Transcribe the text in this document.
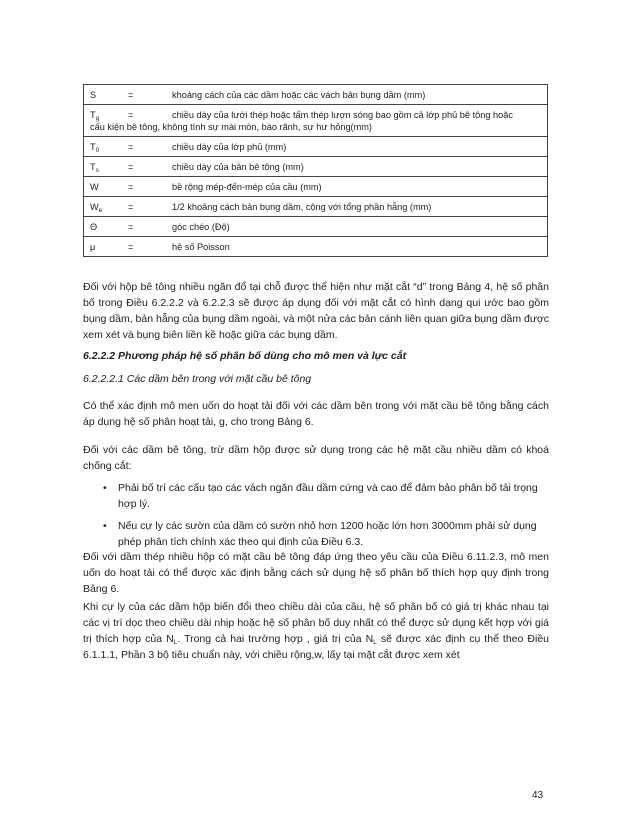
S	=	khoảng cách của các dầm hoặc các vách bản bụng dầm (mm)
$T_g$	=	chiều dày của lưới thép hoặc tấm thép lượn sóng bao gồm cả lớp phủ bê tông hoặc
cấu kiện bê tông, không tính sự mài mòn, bào rãnh, sự hư hỏng(mm)
$T_0$	=	chiều dày của lớp phủ (mm)
$T_s$	=	chiều dày của bản bê tông (mm)
W	=	bề rộng mép-đến-mép của cầu (mm)
$W_e$	=	1/2 khoảng cách bản bụng dầm, cộng với tổng phần hẫng (mm)
Θ	=	góc chéo (Độ)
μ	=	hệ số Poisson

Đối với hộp bê tông nhiều ngăn đổ tại chỗ được thể hiện như mặt cắt “d” trong Bảng 4, hệ số phân bố trong Điều 6.2.2.2 và 6.2.2.3 sẽ được áp dụng đối với mặt cắt có hình dạng qui ước bao gồm bụng dầm, bản hẫng của bụng dầm ngoài, và một nửa các bản cánh liên quan giữa bụng dầm được xem xét và bụng biên liền kề hoặc giữa các bụng dầm.

6.2.2.2 Phương pháp hệ số phân bố dùng cho mô men và lực cắt

6.2.2.2.1 Các dầm bên trong với mặt cầu bê tông

Có thể xác định mô men uốn do hoạt tải đối với các dầm bên trong với mặt cầu bê tông bằng cách áp dụng hệ số phân hoạt tải, g, cho trong Bảng 6.

Đối với các dầm bê tông, trừ dầm hộp được sử dụng trong các hệ mặt cầu nhiều dầm có khoá chống cắt:

• Phải bố trí các cấu tạo các vách ngăn đầu dầm cứng và cao để đảm bảo phân bố tải trọng hợp lý.
• Nếu cự ly các sườn của dầm có sườn nhỏ hơn 1200 hoặc lớn hơn 3000mm phải sử dụng phép phân tích chính xác theo qui định của Điều 6.3.

Đối với dầm thép nhiều hộp có mặt cầu bê tông đáp ứng theo yêu cầu của Điều 6.11.2.3, mô men uốn do hoạt tải có thể được xác định bằng cách sử dụng hệ số phân bố thích hợp quy định trong Bảng 6.

Khi cự ly của các dầm hộp biến đổi theo chiều dài của cầu, hệ số phân bố có giá trị khác nhau tại các vị trí dọc theo chiều dài nhịp hoặc hệ số phân bố duy nhất có thể được sử dụng kết hợp với giá trị thích hợp của $N_L$. Trong cả hai trường hợp , giá trị của $N_L$ sẽ được xác định cụ thể theo Điều 6.1.1.1, Phần 3 bộ tiêu chuẩn này, với chiều rộng,w, lấy tại mặt cắt được xem xét

43
